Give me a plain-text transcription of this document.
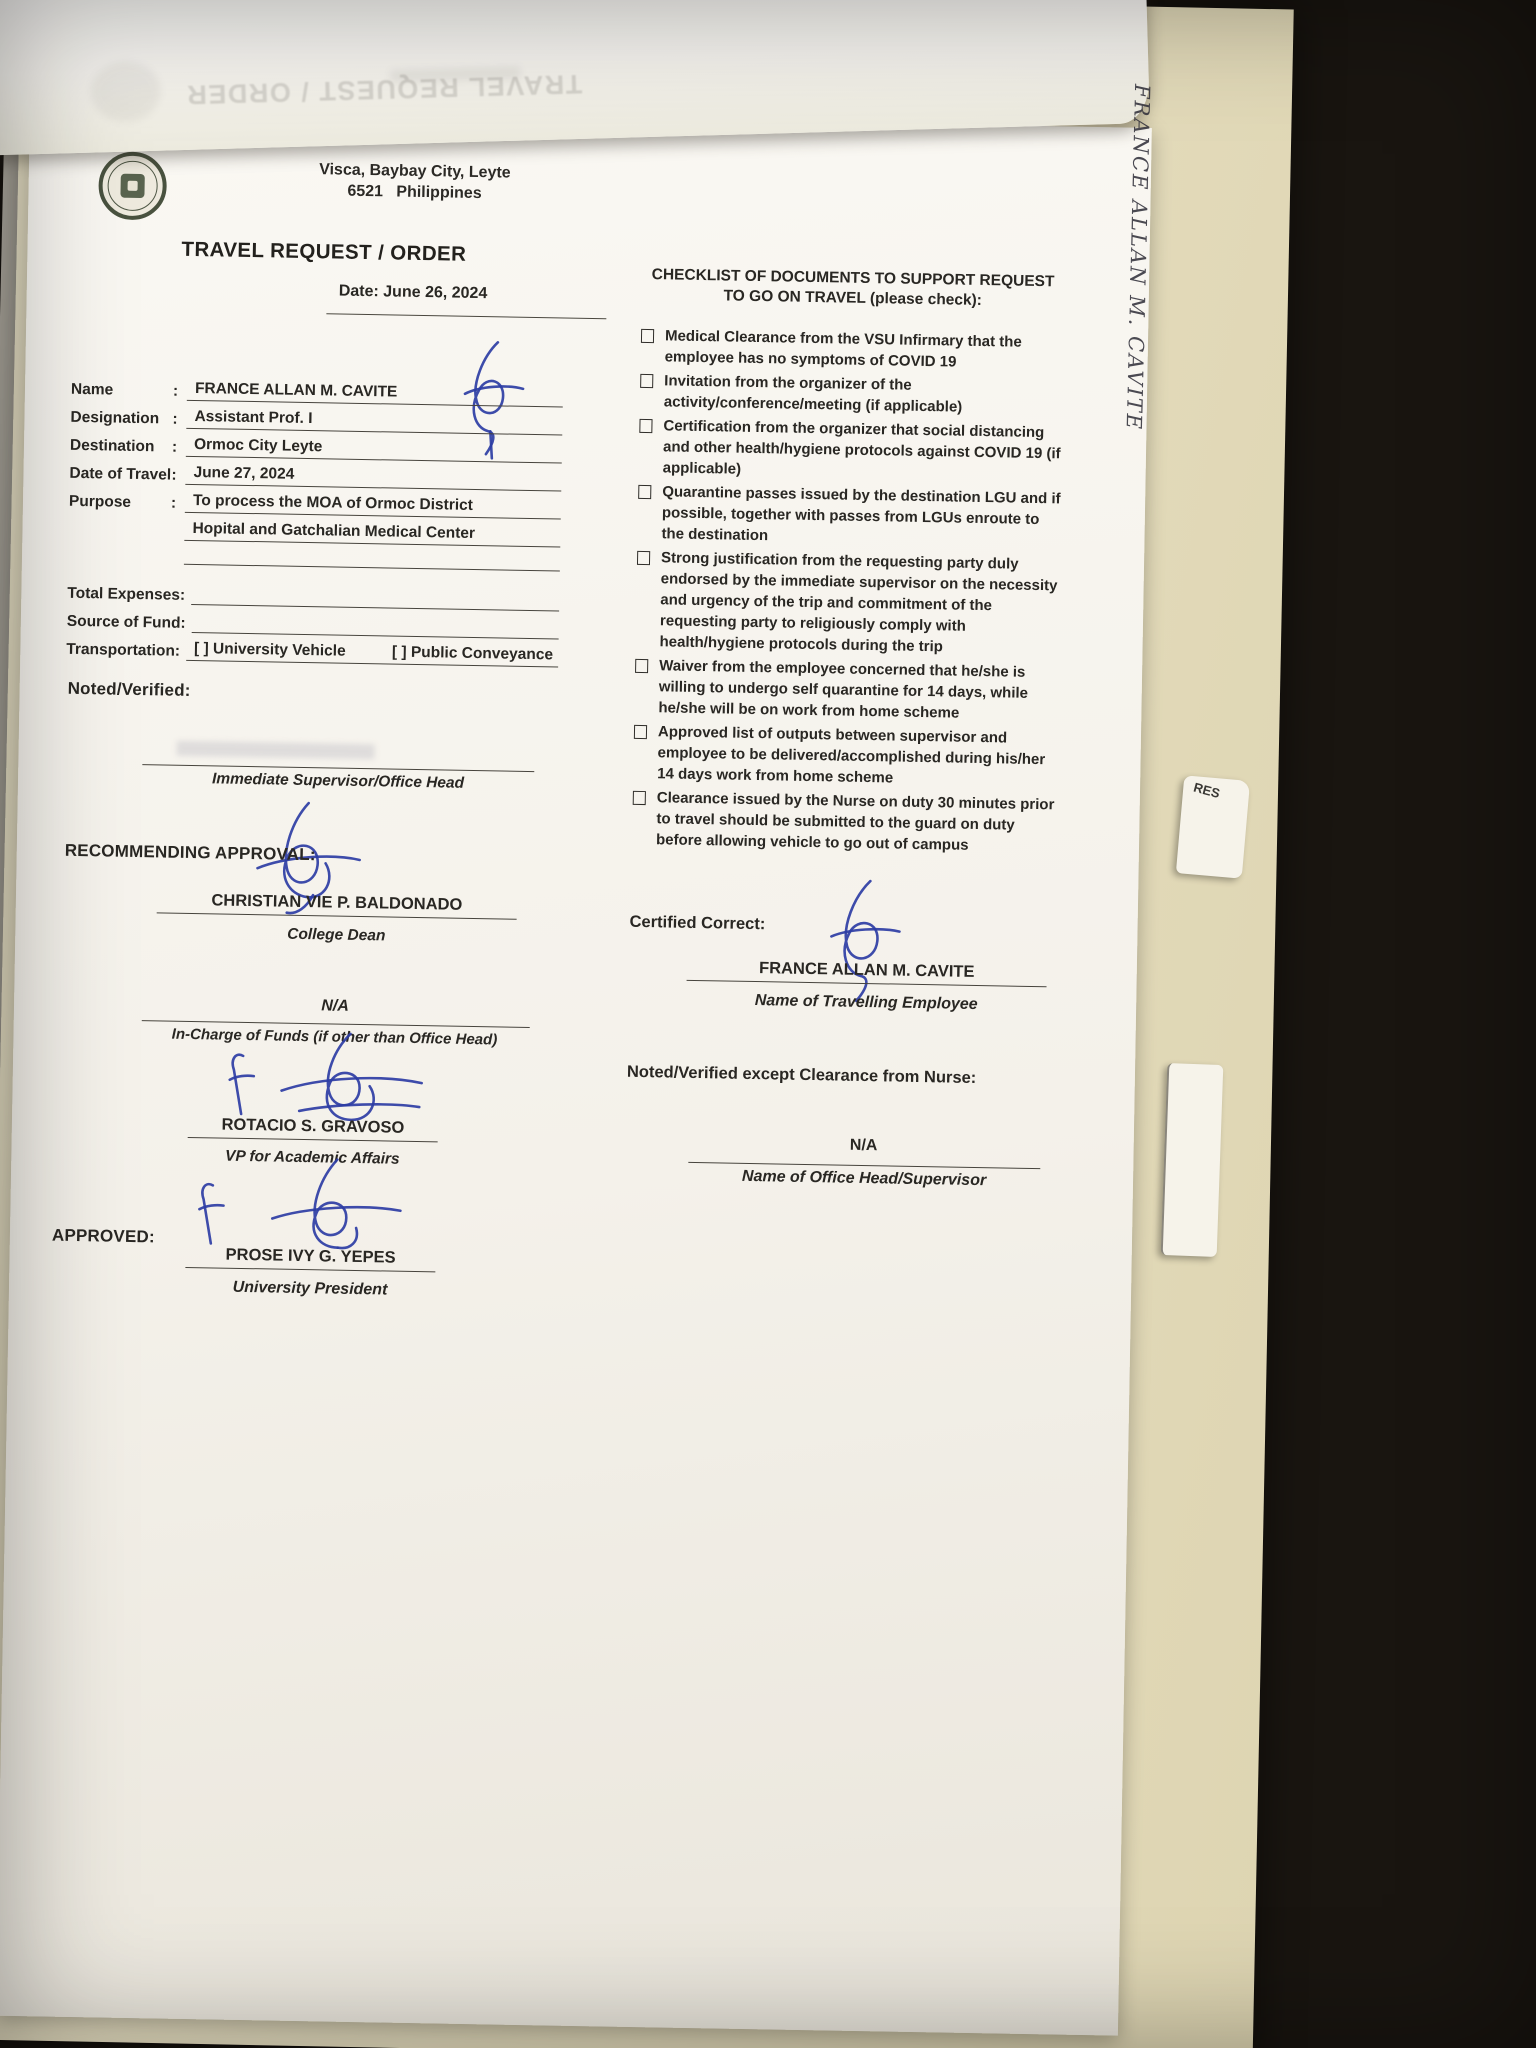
Visca, Baybay City, Leyte
6521   Philippines
TRAVEL REQUEST / ORDER
Date: June 26, 2024
Name	:	FRANCE ALLAN M. CAVITE
Designation :	Assistant Prof. I
Destination	:	Ormoc City Leyte
Date of Travel :	June 27, 2024
Purpose	:	To process the MOA of Ormoc District
Hopital and Gatchalian Medical Center
Total Expenses:
Source of Fund:
Transportation: [ ] University Vehicle	[ ] Public Conveyance
Noted/Verified:
Immediate Supervisor/Office Head
RECOMMENDING APPROVAL:
CHRISTIAN VIE P. BALDONADO
College Dean
N/A
In-Charge of Funds (if other than Office Head)
ROTACIO S. GRAVOSO
VP for Academic Affairs
APPROVED:
PROSE IVY G. YEPES
University President
CHECKLIST OF DOCUMENTS TO SUPPORT REQUEST
TO GO ON TRAVEL (please check):
Medical Clearance from the VSU Infirmary that the employee has no symptoms of COVID 19
Invitation from the organizer of the activity/conference/meeting (if applicable)
Certification from the organizer that social distancing and other health/hygiene protocols against COVID 19 (if applicable)
Quarantine passes issued by the destination LGU and if possible, together with passes from LGUs enroute to the destination
Strong justification from the requesting party duly endorsed by the immediate supervisor on the necessity and urgency of the trip and commitment of the requesting party to religiously comply with health/hygiene protocols during the trip
Waiver from the employee concerned that he/she is willing to undergo self quarantine for 14 days, while he/she will be on work from home scheme
Approved list of outputs between supervisor and employee to be delivered/accomplished during his/her 14 days work from home scheme
Clearance issued by the Nurse on duty 30 minutes prior to travel should be submitted to the guard on duty before allowing vehicle to go out of campus
Certified Correct:
FRANCE ALLAN M. CAVITE
Name of Travelling Employee
Noted/Verified except Clearance from Nurse:
N/A
Name of Office Head/Supervisor
TRAVEL REQUEST / ORDER	FRANCE ALLAN M. CAVITE
RES
